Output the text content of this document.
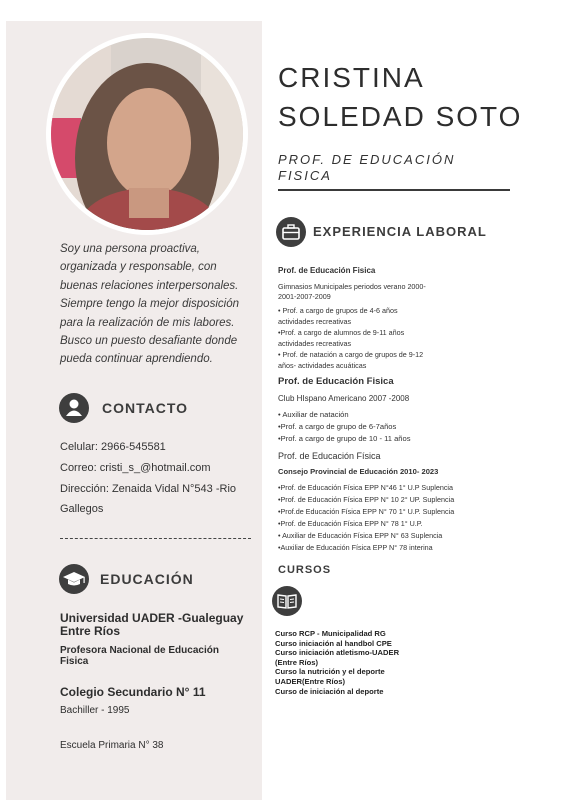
Soy una persona proactiva,
organizada y responsable, con
buenas relaciones interpersonales.
Siempre tengo la mejor disposición
para la realización de mis labores.
Busco un puesto desafiante donde
pueda continuar aprendiendo.
CONTACTO
Celular: 2966-545581
Correo: cristi_s_@hotmail.com
Dirección: Zenaida Vidal N°543 -Rio
Gallegos
EDUCACIÓN
Universidad UADER -Gualeguay
Entre Ríos
Profesora Nacional de Educación
Fisica
Colegio Secundario N° 11
Bachiller - 1995
Escuela Primaria N° 38
CRISTINA
SOLEDAD SOTO
PROF. DE EDUCACIÓN FISICA
EXPERIENCIA LABORAL
Prof. de Educación Fisica
Gimnasios Municipales periodos verano 2000-
2001-2007-2009
• Prof. a cargo de grupos de 4-6 años
actividades recreativas
•Prof. a cargo de alumnos de 9-11 años
actividades recreativas
• Prof. de natación a cargo de grupos de 9-12
años- actividades acuáticas
Prof. de Educación Fisica
Club HIspano Americano 2007 -2008
• Auxiliar de natación
•Prof. a cargo de grupo de 6-7años
•Prof. a cargo de grupo de 10 - 11 años
Prof. de Educación Física
Consejo Provincial de Educación 2010- 2023
•Prof. de Educación Física EPP N°46 1° U.P Suplencia
•Prof. de Educación Física EPP N° 10 2° UP. Suplencia
•Prof.de Educación Física EPP N° 70 1° U.P. Suplencia
•Prof. de Educación Física EPP N° 78 1° U.P.
• Auxiliar de Educación Física EPP N° 63 Suplencia
•Auxiliar de Educación Física EPP N° 78 interina
CURSOS
Curso RCP - Municipalidad RG
Curso iniciación al handbol CPE
Curso iniciación atletismo-UADER
(Entre Ríos)
Curso la nutrición y el deporte
UADER(Entre Ríos)
Curso de iniciación al deporte
